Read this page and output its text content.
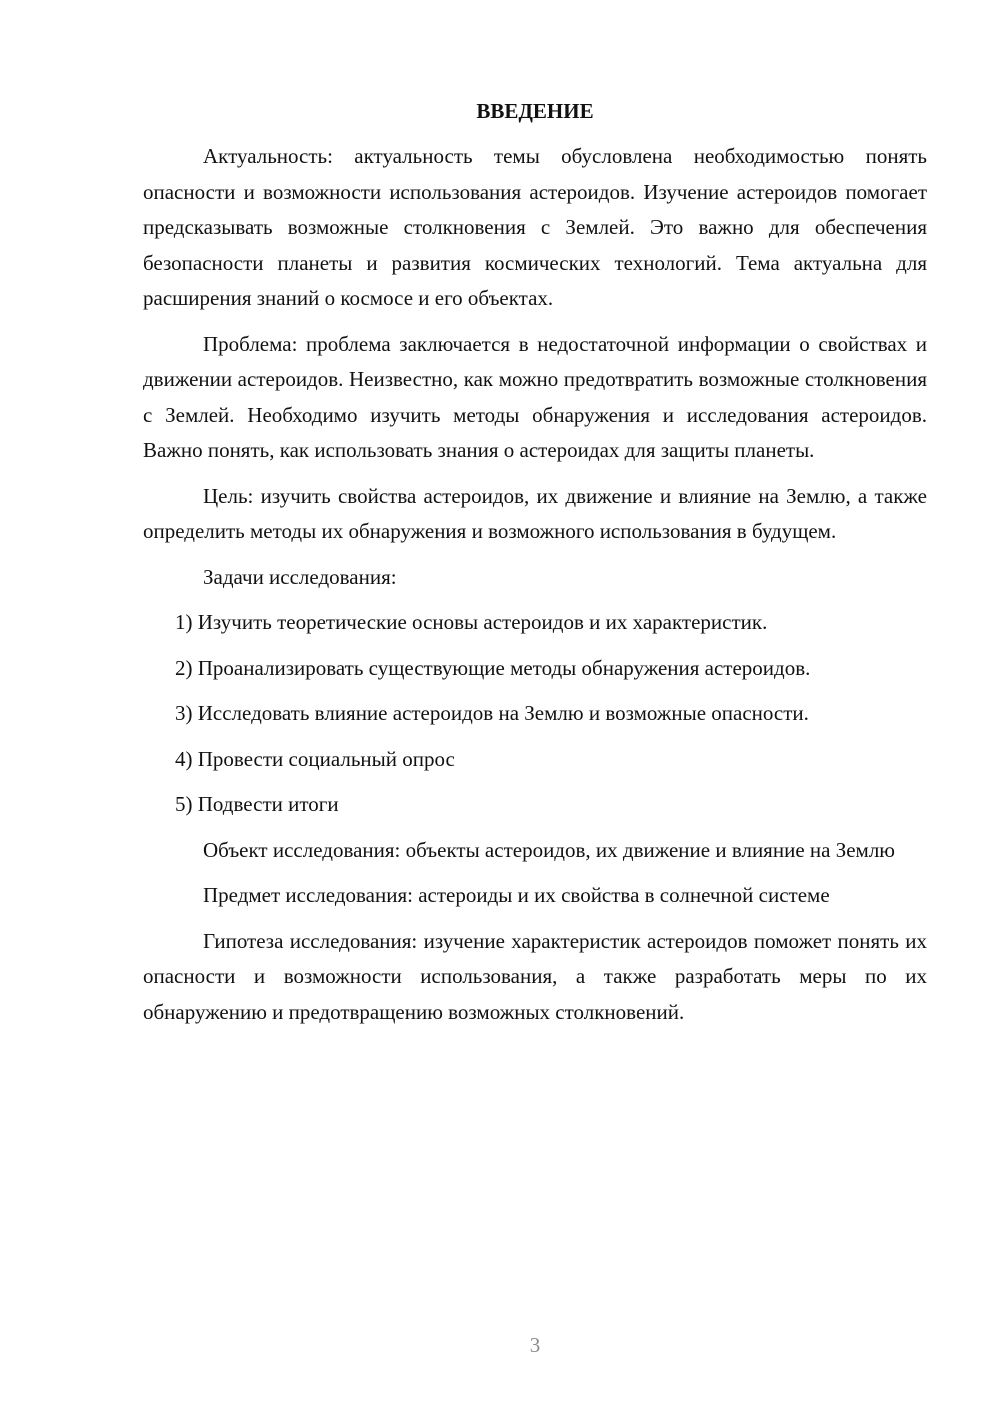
ВВЕДЕНИЕ

Актуальность: актуальность темы обусловлена необходимостью понять опасности и возможности использования астероидов. Изучение астероидов помогает предсказывать возможные столкновения с Землей. Это важно для обеспечения безопасности планеты и развития космических технологий. Тема актуальна для расширения знаний о космосе и его объектах.

Проблема: проблема заключается в недостаточной информации о свойствах и движении астероидов. Неизвестно, как можно предотвратить возможные столкновения с Землей. Необходимо изучить методы обнаружения и исследования астероидов. Важно понять, как использовать знания о астероидах для защиты планеты.

Цель: изучить свойства астероидов, их движение и влияние на Землю, а также определить методы их обнаружения и возможного использования в будущем.

Задачи исследования:

1) Изучить теоретические основы астероидов и их характеристик.

2) Проанализировать существующие методы обнаружения астероидов.

3) Исследовать влияние астероидов на Землю и возможные опасности.

4) Провести социальный опрос

5) Подвести итоги

Объект исследования: объекты астероидов, их движение и влияние на Землю

Предмет исследования: астероиды и их свойства в солнечной системе

Гипотеза исследования: изучение характеристик астероидов поможет понять их опасности и возможности использования, а также разработать меры по их обнаружению и предотвращению возможных столкновений.

3
